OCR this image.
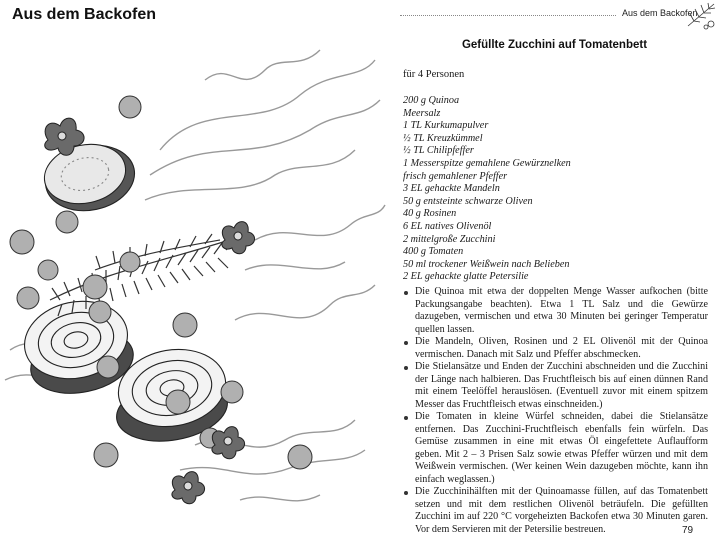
Aus dem Backofen	Aus dem Backofen
Gefüllte Zucchini auf Tomatenbett
für 4 Personen
200 g Quinoa
Meersalz
1 TL Kurkumapulver
½ TL Kreuzkümmel
½ TL Chilipfeffer
1 Messerspitze gemahlene Gewürznelken
frisch gemahlener Pfeffer
3 EL gehackte Mandeln
50 g entsteinte schwarze Oliven
40 g Rosinen
6 EL natives Olivenöl
2 mittelgroße Zucchini
400 g Tomaten
50 ml trockener Weißwein nach Belieben
2 EL gehackte glatte Petersilie
Die Quinoa mit etwa der doppelten Menge Wasser aufkochen (bitte Packungsangabe beachten). Etwa 1 TL Salz und die Gewürze dazugeben, vermischen und etwa 30 Minuten bei geringer Temperatur quellen lassen.
Die Mandeln, Oliven, Rosinen und 2 EL Olivenöl mit der Quinoa vermischen. Danach mit Salz und Pfeffer abschmecken.
Die Stielansätze und Enden der Zucchini abschneiden und die Zucchini der Länge nach halbieren. Das Fruchtfleisch bis auf einen dünnen Rand mit einem Teelöffel herauslösen. (Eventuell zuvor mit einem spitzem Messer das Fruchtfleisch etwas einschneiden.)
Die Tomaten in kleine Würfel schneiden, dabei die Stielansätze entfernen. Das Zucchini-Fruchtfleisch ebenfalls fein würfeln. Das Gemüse zusammen in eine mit etwas Öl eingefettete Auflaufform geben. Mit 2 – 3 Prisen Salz sowie etwas Pfeffer würzen und mit dem Weißwein vermischen. (Wer keinen Wein dazugeben möchte, kann ihn einfach weglassen.)
Die Zucchinihälften mit der Quinoamasse füllen, auf das Tomatenbett setzen und mit dem restlichen Olivenöl beträufeln. Die gefüllten Zucchini im auf 220 °C vorgeheizten Backofen etwa 30 Minuten garen. Vor dem Servieren mit der Petersilie bestreuen.	79
